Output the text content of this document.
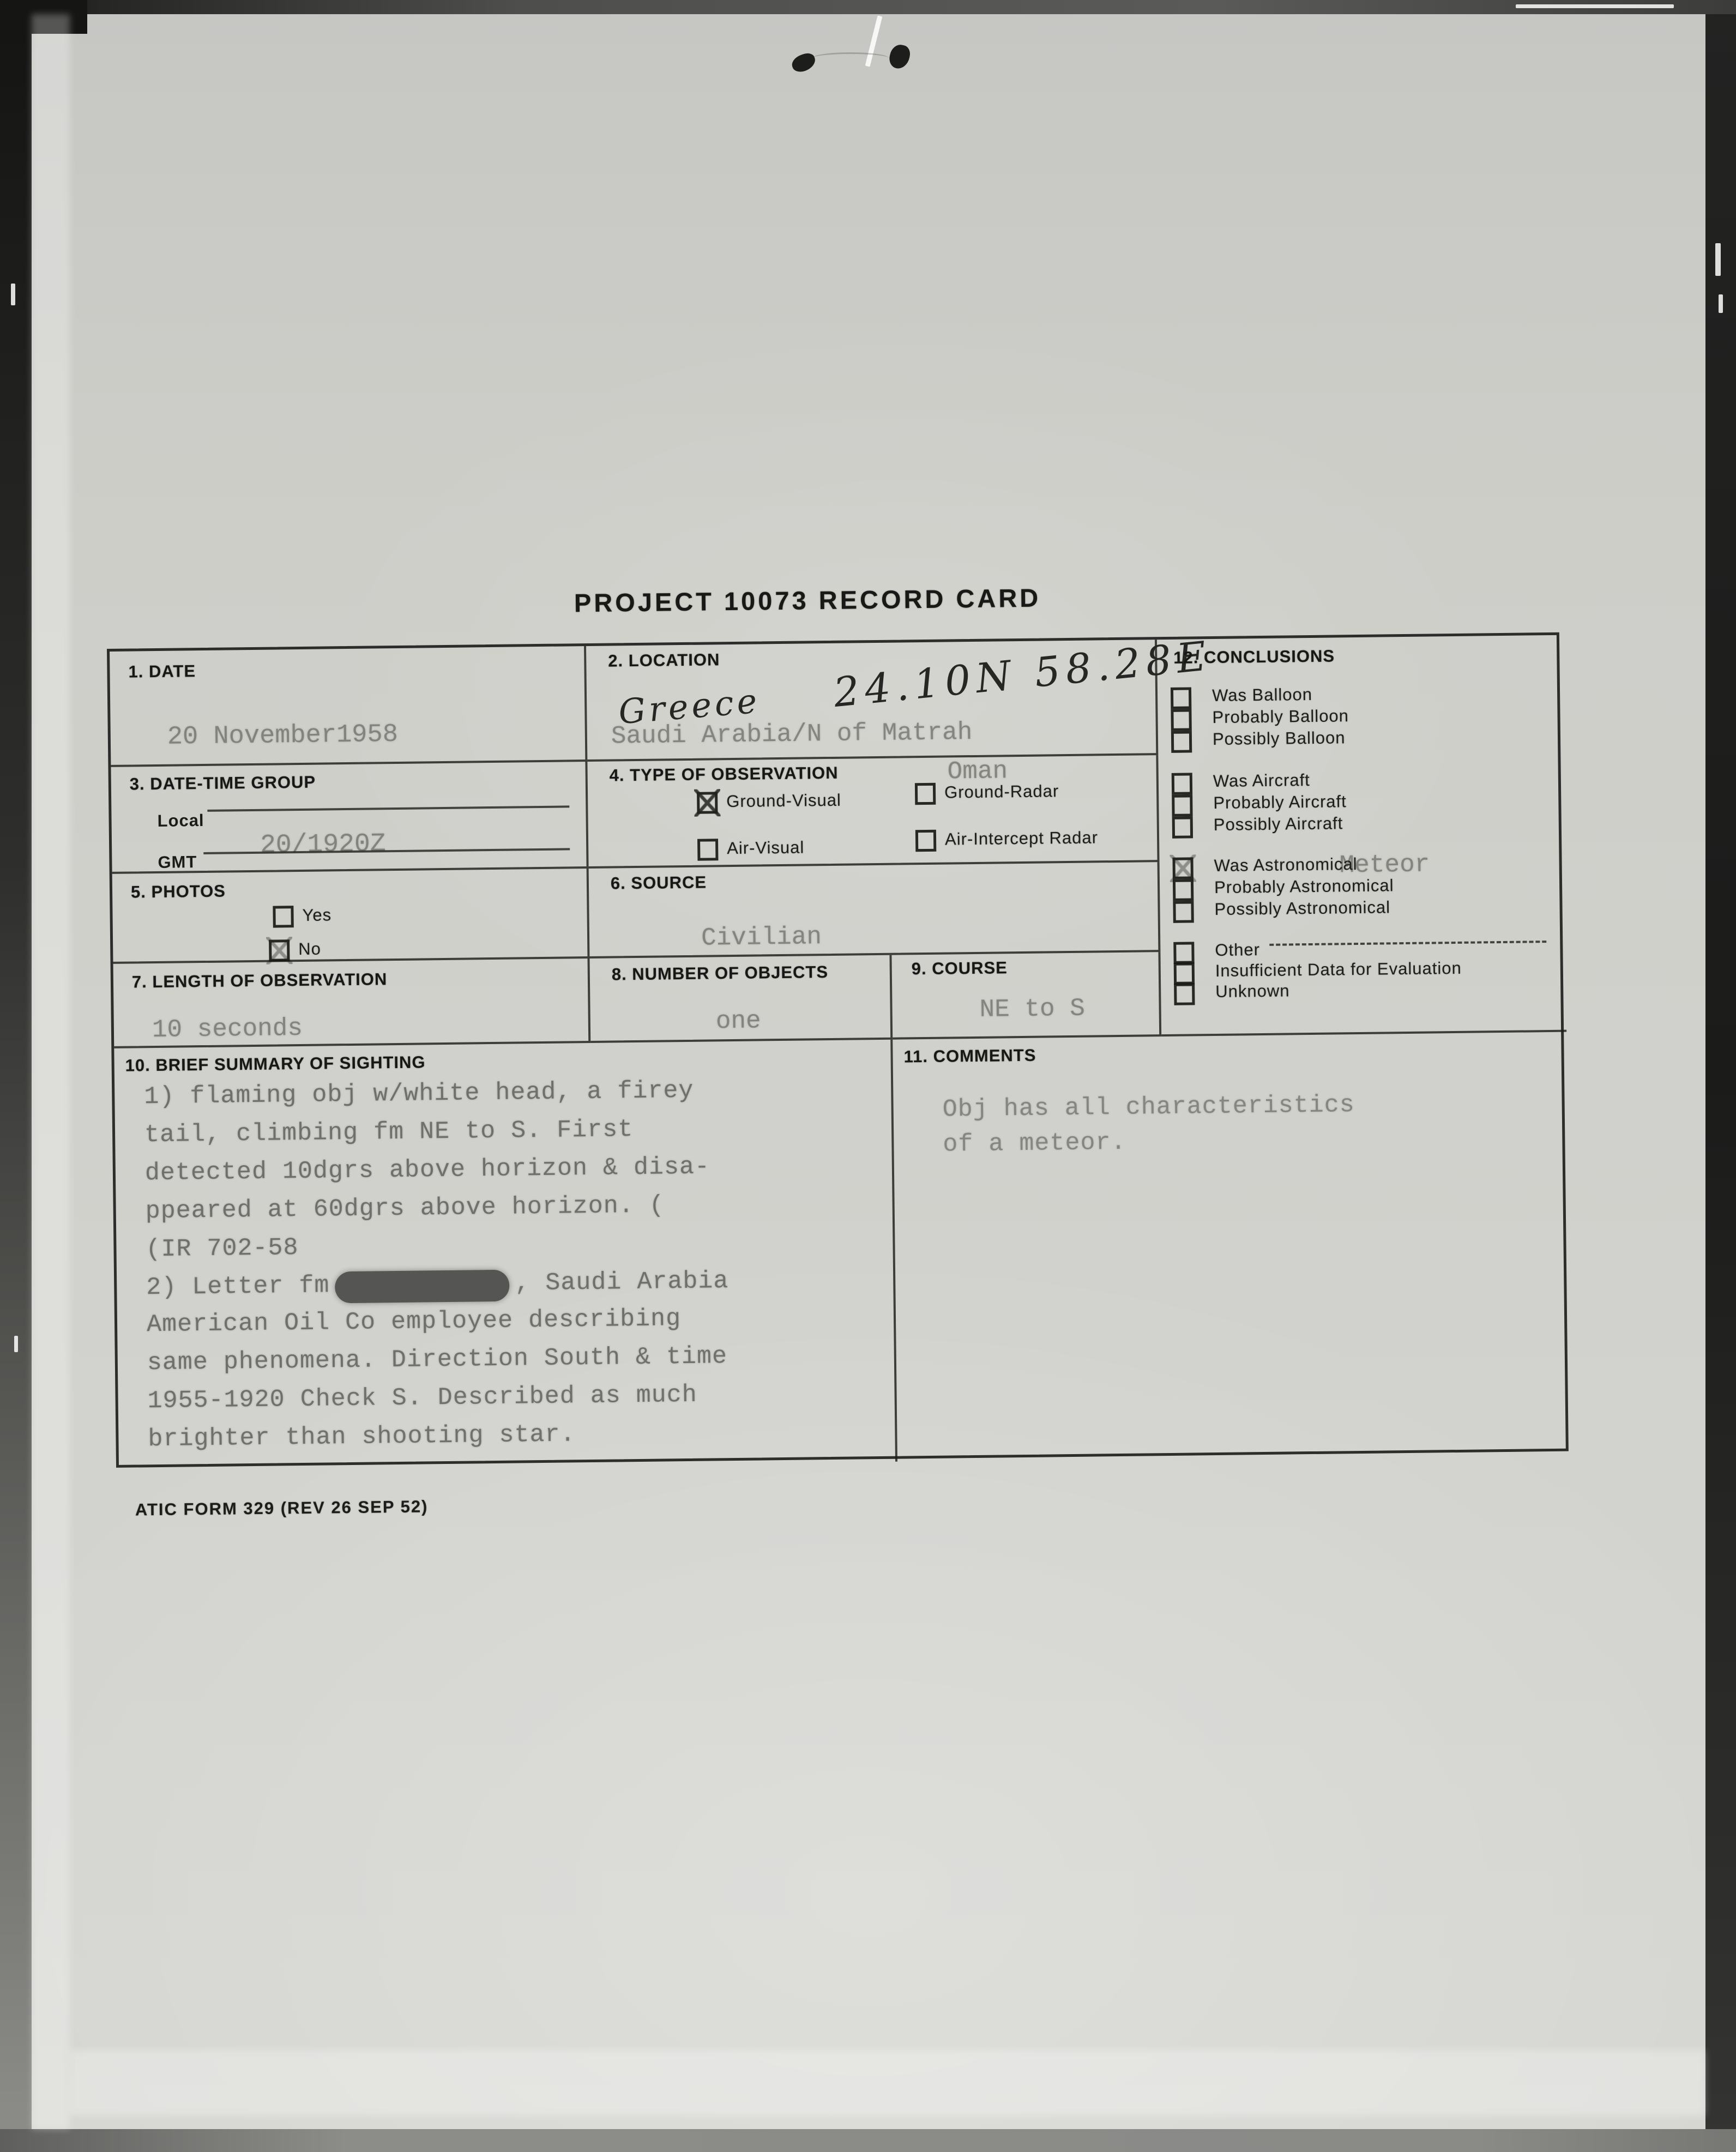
PROJECT 10073 RECORD CARD
1. DATE
20 November1958
2. LOCATION
Greece 24.10N 58.28E
Saudi Arabia/N of Matrah
3. DATE-TIME GROUP
Local
GMT
20/1920Z
4. TYPE OF OBSERVATION	Oman
Ground-Visual	Ground-Radar
Air-Visual	Air-Intercept Radar
5. PHOTOS
Yes
No
6. SOURCE
Civilian
7. LENGTH OF OBSERVATION
10 seconds
8. NUMBER OF OBJECTS
one
9. COURSE
NE to S
10. BRIEF SUMMARY OF SIGHTING
1) flaming obj w/white head, a firey
tail, climbing fm NE to S. First
detected 10dgrs above horizon & disa-
ppeared at 60dgrs above horizon. (
(IR 702-58
2) Letter fm	, Saudi Arabia
American Oil Co employee describing
same phenomena. Direction South & time
1955-1920 Check S. Described as much
brighter than shooting star.
11. COMMENTS
Obj has all characteristics
of a meteor.
12. CONCLUSIONS
Meteor
Was Balloon
Probably Balloon
Possibly Balloon
Was Aircraft
Probably Aircraft
Possibly Aircraft
Was Astronomical
Probably Astronomical
Possibly Astronomical
Other
Insufficient Data for Evaluation
Unknown
ATIC FORM 329 (REV 26 SEP 52)
